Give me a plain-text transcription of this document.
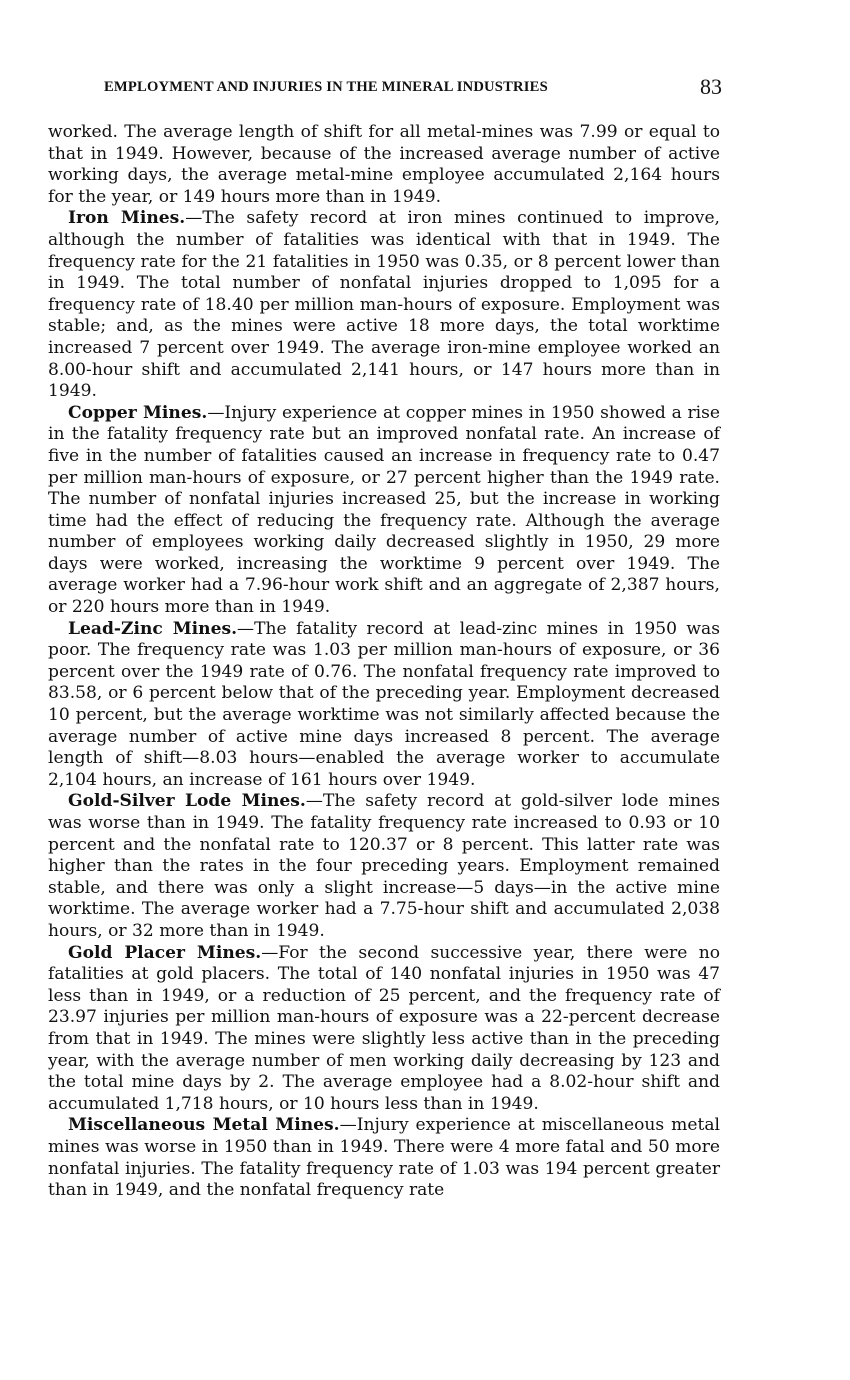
EMPLOYMENT AND INJURIES IN THE MINERAL INDUSTRIES	83

worked. The average length of shift for all metal-mines was 7.99 or equal to that in 1949. However, because of the increased average number of active working days, the average metal-mine employee accumulated 2,164 hours for the year, or 149 hours more than in 1949.

Iron Mines.—The safety record at iron mines continued to improve, although the number of fatalities was identical with that in 1949. The frequency rate for the 21 fatalities in 1950 was 0.35, or 8 percent lower than in 1949. The total number of nonfatal injuries dropped to 1,095 for a frequency rate of 18.40 per million man-hours of exposure. Employment was stable; and, as the mines were active 18 more days, the total worktime increased 7 percent over 1949. The average iron-mine employee worked an 8.00-hour shift and accumulated 2,141 hours, or 147 hours more than in 1949.

Copper Mines.—Injury experience at copper mines in 1950 showed a rise in the fatality frequency rate but an improved nonfatal rate. An increase of five in the number of fatalities caused an increase in frequency rate to 0.47 per million man-hours of exposure, or 27 percent higher than the 1949 rate. The number of nonfatal injuries increased 25, but the increase in working time had the effect of reducing the frequency rate. Although the average number of employees working daily decreased slightly in 1950, 29 more days were worked, increasing the worktime 9 percent over 1949. The average worker had a 7.96-hour work shift and an aggregate of 2,387 hours, or 220 hours more than in 1949.

Lead-Zinc Mines.—The fatality record at lead-zinc mines in 1950 was poor. The frequency rate was 1.03 per million man-hours of exposure, or 36 percent over the 1949 rate of 0.76. The nonfatal frequency rate improved to 83.58, or 6 percent below that of the preceding year. Employment decreased 10 percent, but the average worktime was not similarly affected because the average number of active mine days increased 8 percent. The average length of shift—8.03 hours—enabled the average worker to accumulate 2,104 hours, an increase of 161 hours over 1949.

Gold-Silver Lode Mines.—The safety record at gold-silver lode mines was worse than in 1949. The fatality frequency rate increased to 0.93 or 10 percent and the nonfatal rate to 120.37 or 8 percent. This latter rate was higher than the rates in the four preceding years. Employment remained stable, and there was only a slight increase—5 days—in the active mine worktime. The average worker had a 7.75-hour shift and accumulated 2,038 hours, or 32 more than in 1949.

Gold Placer Mines.—For the second successive year, there were no fatalities at gold placers. The total of 140 nonfatal injuries in 1950 was 47 less than in 1949, or a reduction of 25 percent, and the frequency rate of 23.97 injuries per million man-hours of exposure was a 22-percent decrease from that in 1949. The mines were slightly less active than in the preceding year, with the average number of men working daily decreasing by 123 and the total mine days by 2. The average employee had a 8.02-hour shift and accumulated 1,718 hours, or 10 hours less than in 1949.

Miscellaneous Metal Mines.—Injury experience at miscellaneous metal mines was worse in 1950 than in 1949. There were 4 more fatal and 50 more nonfatal injuries. The fatality frequency rate of 1.03 was 194 percent greater than in 1949, and the nonfatal frequency rate
